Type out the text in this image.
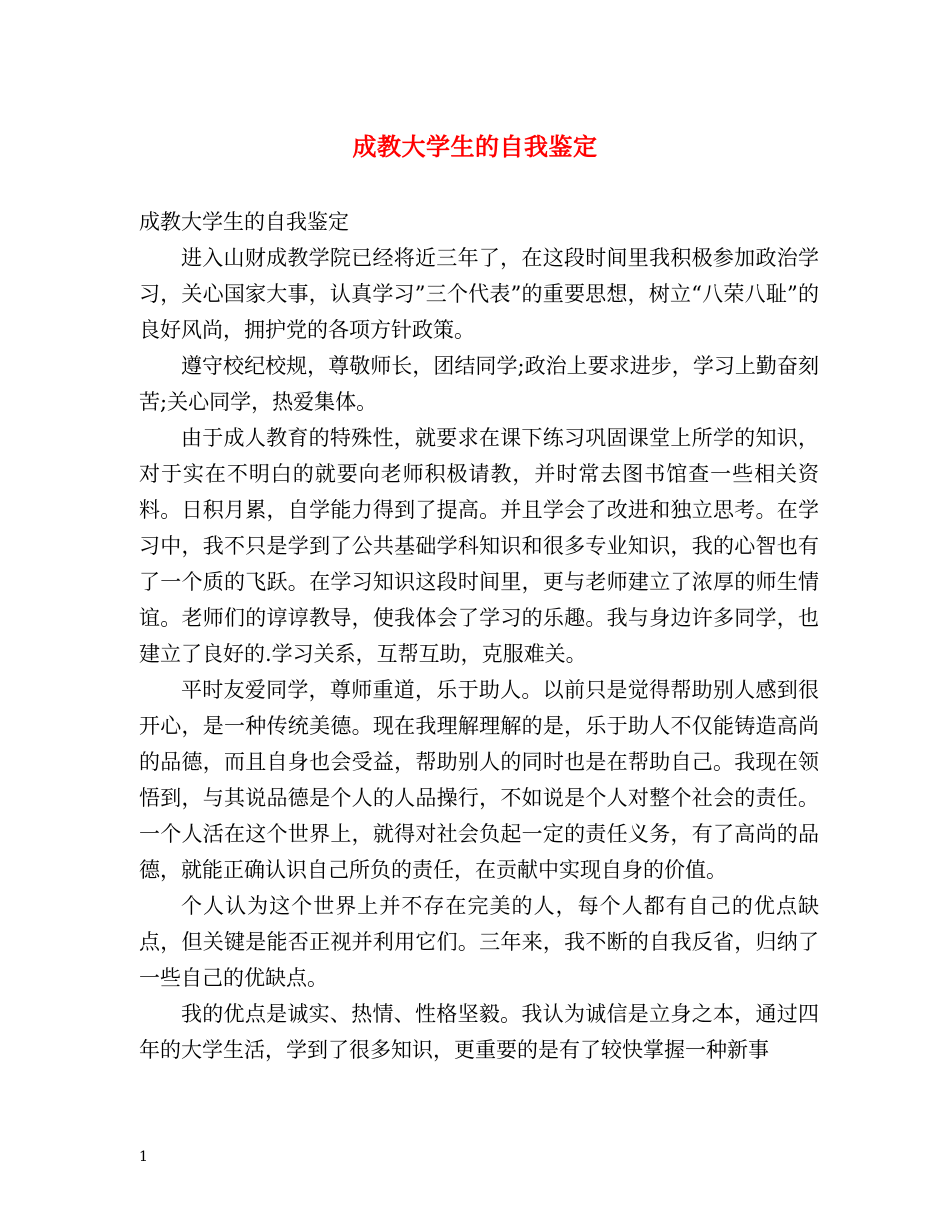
成教大学生的自我鉴定

成教大学生的自我鉴定

进入山财成教学院已经将近三年了，在这段时间里我积极参加政治学习，关心国家大事，认真学习”三个代表”的重要思想，树立“八荣八耻”的良好风尚，拥护党的各项方针政策。

遵守校纪校规，尊敬师长，团结同学;政治上要求进步，学习上勤奋刻苦;关心同学，热爱集体。

由于成人教育的特殊性，就要求在课下练习巩固课堂上所学的知识，对于实在不明白的就要向老师积极请教，并时常去图书馆查一些相关资料。日积月累，自学能力得到了提高。并且学会了改进和独立思考。在学习中，我不只是学到了公共基础学科知识和很多专业知识，我的心智也有了一个质的飞跃。在学习知识这段时间里，更与老师建立了浓厚的师生情谊。老师们的谆谆教导，使我体会了学习的乐趣。我与身边许多同学，也建立了良好的.学习关系，互帮互助，克服难关。

平时友爱同学，尊师重道，乐于助人。以前只是觉得帮助别人感到很开心，是一种传统美德。现在我理解理解的是，乐于助人不仅能铸造高尚的品德，而且自身也会受益，帮助别人的同时也是在帮助自己。我现在领悟到，与其说品德是个人的人品操行，不如说是个人对整个社会的责任。一个人活在这个世界上，就得对社会负起一定的责任义务，有了高尚的品德，就能正确认识自己所负的责任，在贡献中实现自身的价值。

个人认为这个世界上并不存在完美的人，每个人都有自己的优点缺点，但关键是能否正视并利用它们。三年来，我不断的自我反省，归纳了一些自己的优缺点。

我的优点是诚实、热情、性格坚毅。我认为诚信是立身之本，通过四年的大学生活，学到了很多知识，更重要的是有了较快掌握一种新事

1
